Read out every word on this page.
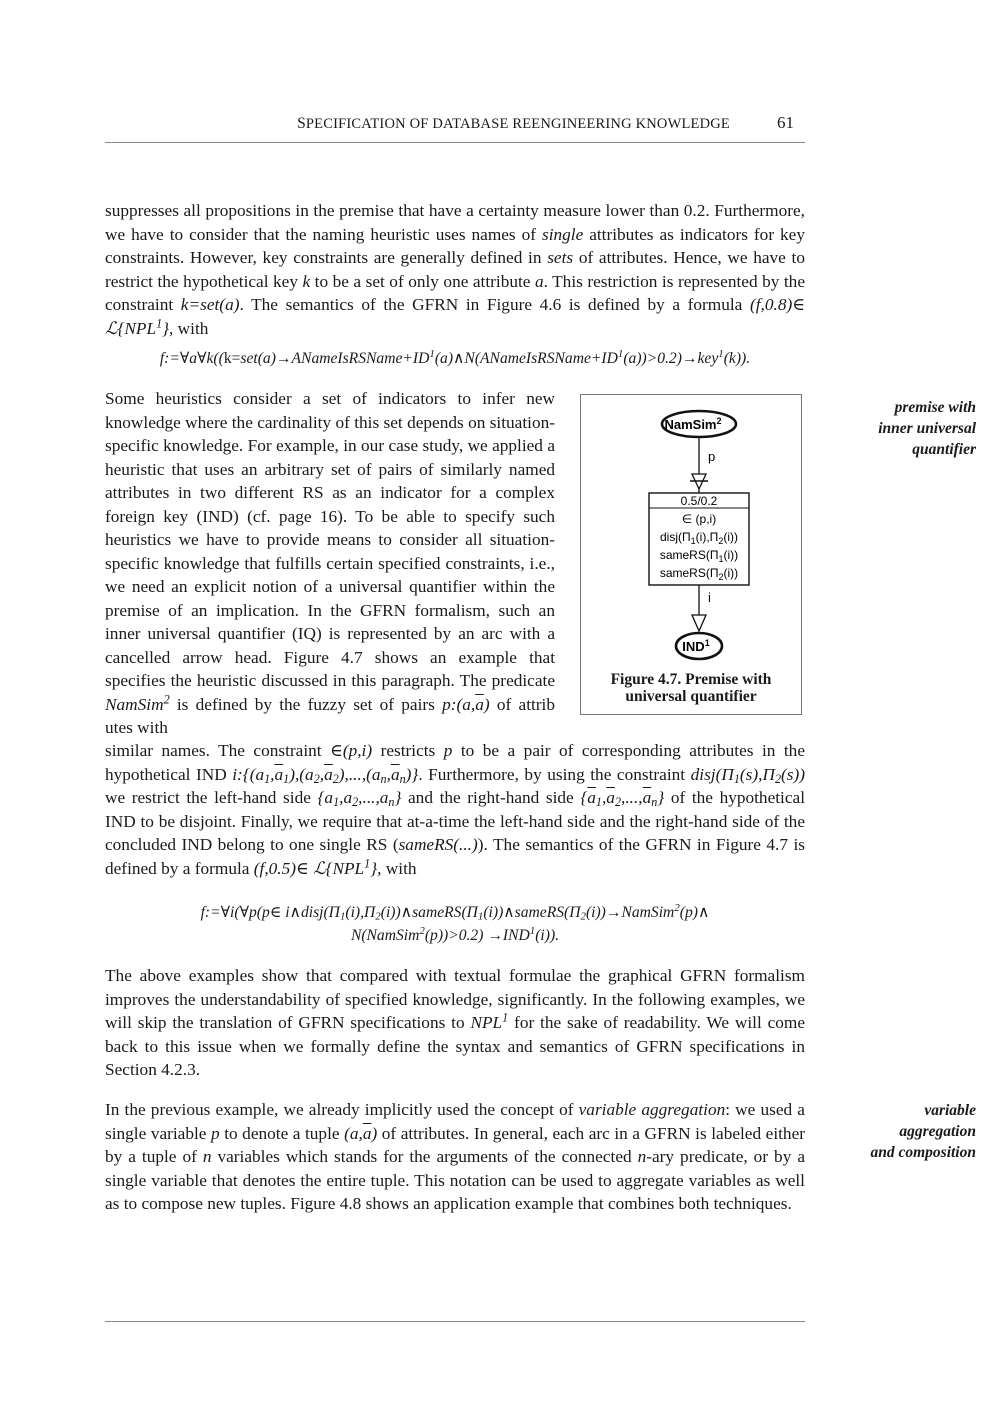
SPECIFICATION OF DATABASE REENGINEERING KNOWLEDGE	61

suppresses all propositions in the premise that have a certainty measure lower than 0.2. Furthermore, we have to consider that the naming heuristic uses names of single attributes as indicators for key constraints. However, key constraints are generally defined in sets of attributes. Hence, we have to restrict the hypothetical key k to be a set of only one attribute a. This restriction is represented by the constraint k=set(a). The semantics of the GFRN in Figure 4.6 is defined by a formula (f,0.8)∈ ℒ{NPL$^1$}, with

$f:=\forall a\forall k((k=set(a)\to ANameIsRSName+ID^1(a)\wedge N(ANameIsRSName+ID^1(a))>0.2)\to key^1(k))$.

premise with
inner universal
quantifier

Some heuristics consider a set of indicators to infer new knowledge where the cardinality of this set depends on situation-specific knowledge. For example, in our case study, we applied a heuristic that uses an arbitrary set of pairs of similarly named attributes in two different RS as an indicator for a complex foreign key (IND) (cf. page 16). To be able to specify such heuristics we have to provide means to consider all situation-specific knowledge that fulfills certain specified constraints, i.e., we need an explicit notion of a universal quantifier within the premise of an implication. In the GFRN formalism, such an inner universal quantifier (IQ) is represented by an arc with a cancelled arrow head. Figure 4.7 shows an example that specifies the heuristic discussed in this paragraph. The predicate NamSim$^2$ is defined by the fuzzy set of pairs $p:(a,\overline{a})$ of attrib utes with

similar names. The constraint ∈(p,i) restricts p to be a pair of corresponding attributes in the hypothetical IND $i:\{(a_1,\overline{a}_1),(a_2,\overline{a}_2),...,(a_n,\overline{a}_n)\}$. Furthermore, by using the constraint $disj(\Pi_1(s),\Pi_2(s))$ we restrict the left-hand side $\{a_1,a_2,...,a_n\}$ and the right-hand side $\{\overline{a}_1,\overline{a}_2,...,\overline{a}_n\}$ of the hypothetical IND to be disjoint. Finally, we require that at-a-time the left-hand side and the right-hand side of the concluded IND belong to one single RS (sameRS(...)). The semantics of the GFRN in Figure 4.7 is defined by a formula (f,0.5)∈ ℒ{NPL$^1$}, with

f:=∀i(∀p(p∈ $i\wedge disj(\Pi_1(i),\Pi_2(i))\wedge sameRS(\Pi_1(i))\wedge sameRS(\Pi_2(i))\to NamSim^2(p)\wedge$
N(NamSim$^2$(p))>0.2) $\to IND^1(i)$).

The above examples show that compared with textual formulae the graphical GFRN formalism improves the understandability of specified knowledge, significantly. In the following examples, we will skip the translation of GFRN specifications to NPL$^1$ for the sake of readability. We will come back to this issue when we formally define the syntax and semantics of GFRN specifications in Section 4.2.3.

variable
aggregation
and composition

In the previous example, we already implicitly used the concept of variable aggregation: we used a single variable p to denote a tuple $(a,\overline{a})$ of attributes. In general, each arc in a GFRN is labeled either by a tuple of n variables which stands for the arguments of the connected n-ary predicate, or by a single variable that denotes the entire tuple. This notation can be used to aggregate variables as well as to compose new tuples. Figure 4.8 shows an application example that combines both techniques.

NamSim$^2$
p
0.5/0.2
∈ (p,i)
$disj(\Pi_1(i),\Pi_2(i))$
$sameRS(\Pi_1(i))$
$sameRS(\Pi_2(i))$
i
IND$^1$
Figure 4.7. Premise with
universal quantifier
